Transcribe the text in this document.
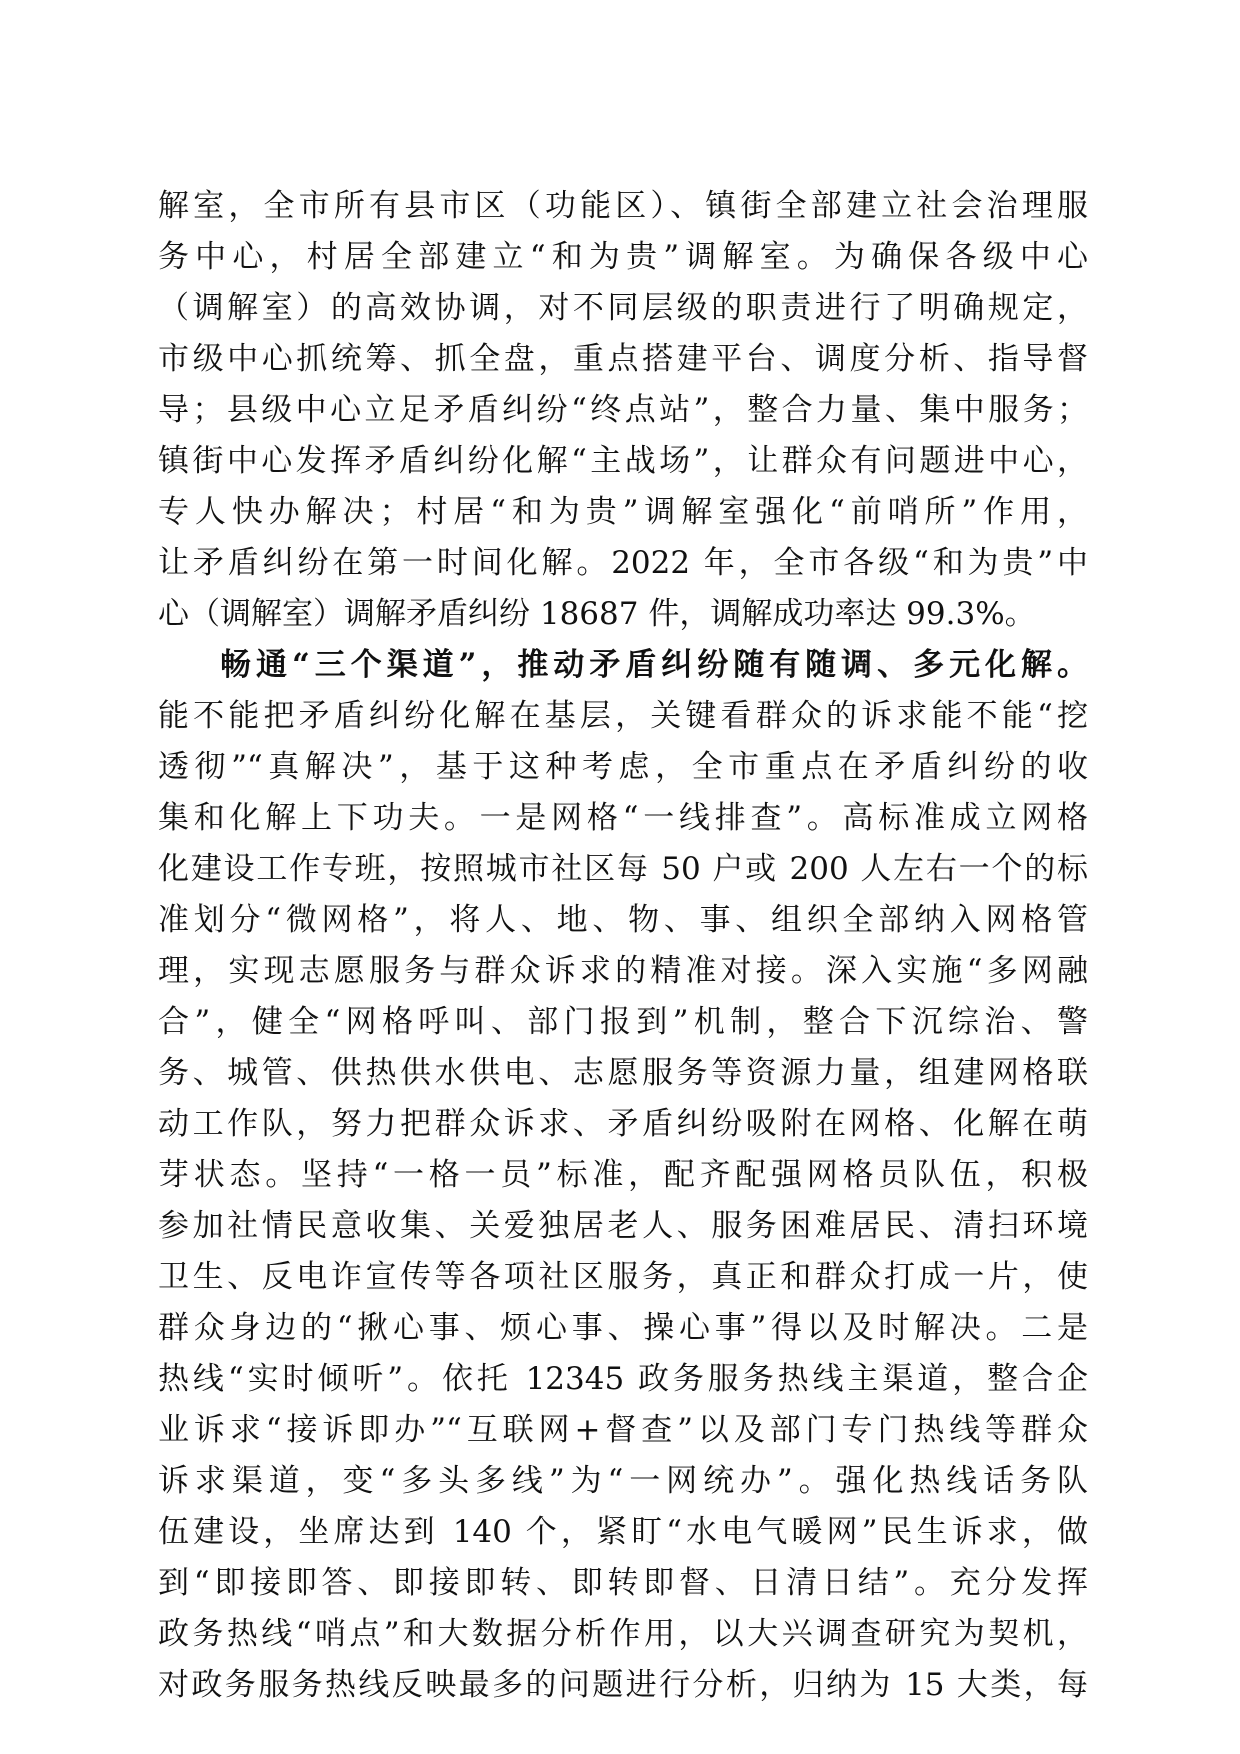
解室，全市所有县市区（功能区）、镇街全部建立社会治理服
务中心，村居全部建立“和为贵”调解室。为确保各级中心
（调解室）的高效协调，对不同层级的职责进行了明确规定，
市级中心抓统筹、抓全盘，重点搭建平台、调度分析、指导督
导；县级中心立足矛盾纠纷“终点站”，整合力量、集中服务；
镇街中心发挥矛盾纠纷化解“主战场”，让群众有问题进中心，
专人快办解决；村居“和为贵”调解室强化“前哨所”作用，
让矛盾纠纷在第一时间化解。2022 年，全市各级“和为贵”中
心（调解室）调解矛盾纠纷 18687 件，调解成功率达 99.3%。
畅通“三个渠道”，推动矛盾纠纷随有随调、多元化解。
能不能把矛盾纠纷化解在基层，关键看群众的诉求能不能“挖
透彻”“真解决”，基于这种考虑，全市重点在矛盾纠纷的收
集和化解上下功夫。一是网格“一线排查”。高标准成立网格
化建设工作专班，按照城市社区每 50 户或 200 人左右一个的标
准划分“微网格”，将人、地、物、事、组织全部纳入网格管
理，实现志愿服务与群众诉求的精准对接。深入实施“多网融
合”，健全“网格呼叫、部门报到”机制，整合下沉综治、警
务、城管、供热供水供电、志愿服务等资源力量，组建网格联
动工作队，努力把群众诉求、矛盾纠纷吸附在网格、化解在萌
芽状态。坚持“一格一员”标准，配齐配强网格员队伍，积极
参加社情民意收集、关爱独居老人、服务困难居民、清扫环境
卫生、反电诈宣传等各项社区服务，真正和群众打成一片，使
群众身边的“揪心事、烦心事、操心事”得以及时解决。二是
热线“实时倾听”。依托 12345 政务服务热线主渠道，整合企
业诉求“接诉即办”“互联网+督查”以及部门专门热线等群众
诉求渠道，变“多头多线”为“一网统办”。强化热线话务队
伍建设，坐席达到 140 个，紧盯“水电气暖网”民生诉求，做
到“即接即答、即接即转、即转即督、日清日结”。充分发挥
政务热线“哨点”和大数据分析作用，以大兴调查研究为契机，
对政务服务热线反映最多的问题进行分析，归纳为 15 大类，每
